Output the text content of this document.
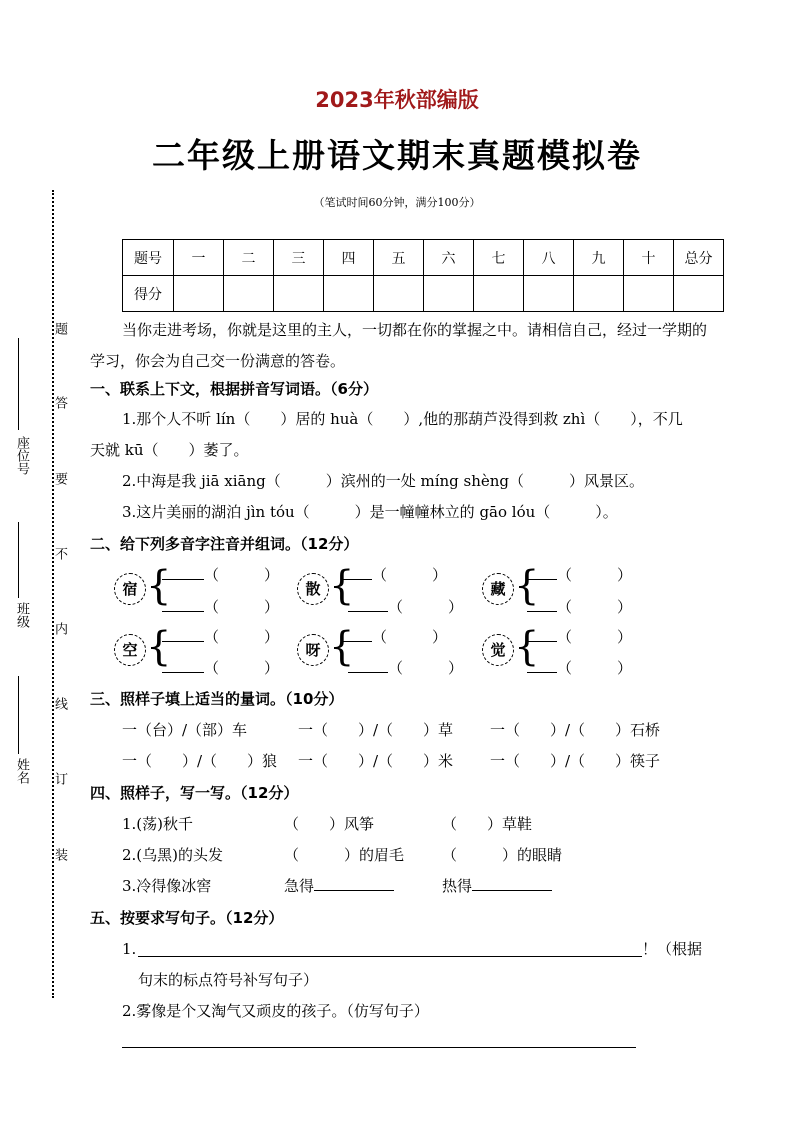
2023年秋部编版
二年级上册语文期末真题模拟卷
（笔试时间60分钟，满分100分）
题号	一	二	三	四	五	六	七	八	九	十	总分
得分											
座位号
班级
姓名
题
答
要
不
内
线
订
装
当你走进考场，你就是这里的主人，一切都在你的掌握之中。请相信自己，经过一学期的
学习，你会为自己交一份满意的答卷。
一、联系上下文，根据拼音写词语。（6分）
1.那个人不听 lín（　　）居的 huà（　　）,他的那葫芦没得到救 zhì（　　），不几
天就 kū（　　）萎了。
2.中海是我 jiā xiāng（　　　）滨州的一处 míng shèng（　　　）风景区。
3.这片美丽的湖泊 jìn tóu（　　　）是一幢幢林立的 gāo lóu（　　　）。
二、给下列多音字注音并组词。（12分）
宿 {	（　　　）
（　　　）
散 {	（　　　）
（　　　）
藏 {	（　　　）
（　　　）
空 {	（　　　）
（　　　）
呀 {	（　　　）
（　　　）
觉 {	（　　　）
（　　　）
三、照样子填上适当的量词。（10分）
一（台）/（部）车	一（　　）/（　　）草 一（　　）/（　　）石桥
一（　　）/（　　）狼 一（　　）/（　　）米 一（　　）/（　　）筷子
四、照样子，写一写。（12分）
1.(荡)秋千	（　　）风筝	（　　）草鞋
2.(乌黑)的头发	（　　　）的眉毛	（　　　）的眼睛
3.冷得像冰窖	急得	热得
五、按要求写句子。（12分）
1.	！（根据
句末的标点符号补写句子）
2.雾像是个又淘气又顽皮的孩子。（仿写句子）
